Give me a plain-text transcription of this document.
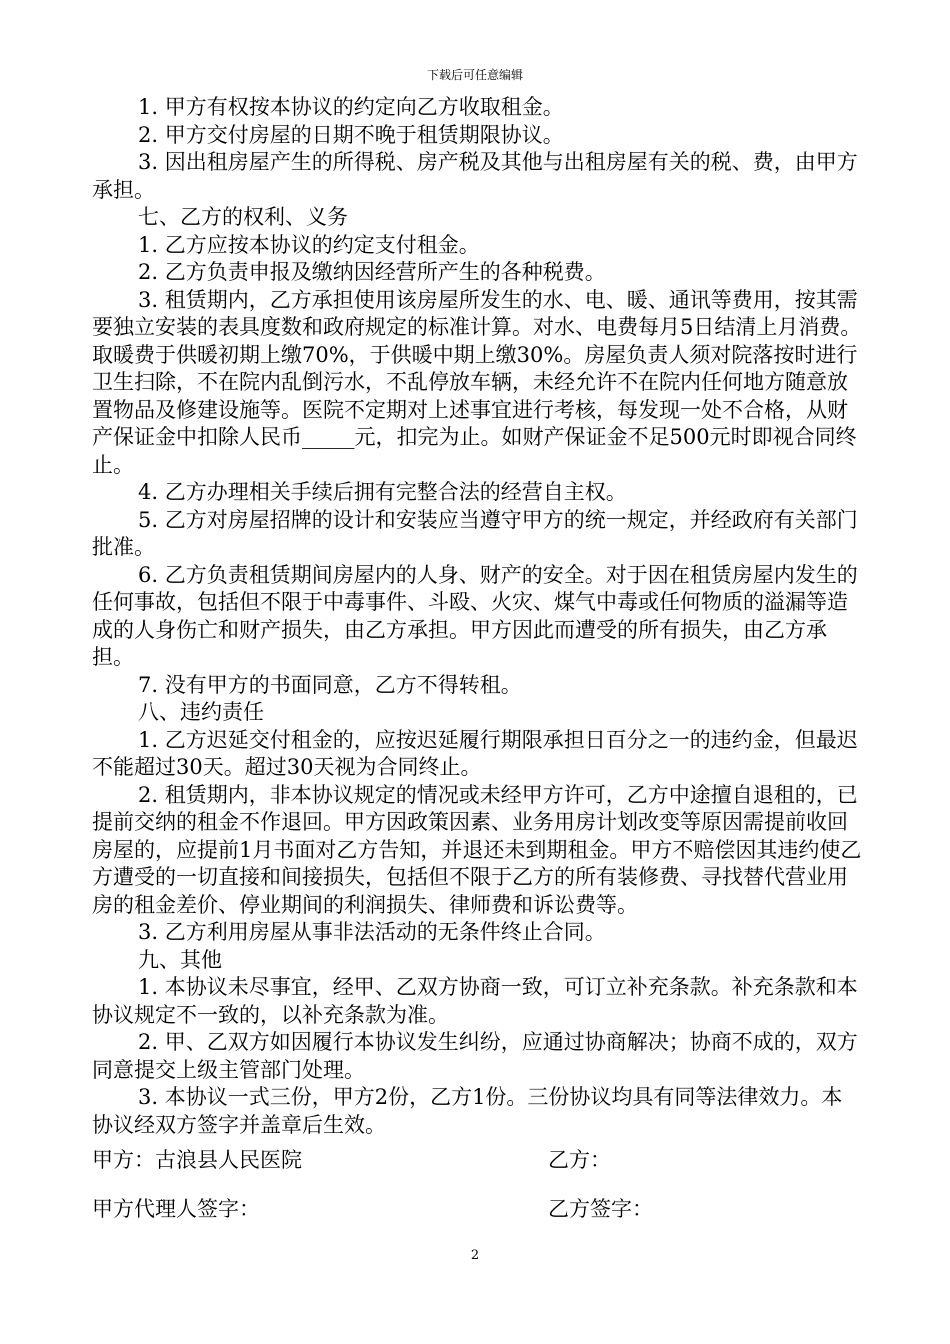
下载后可任意编辑

1. 甲方有权按本协议的约定向乙方收取租金。

2. 甲方交付房屋的日期不晚于租赁期限协议。

3. 因出租房屋产生的所得税、房产税及其他与出租房屋有关的税、费，由甲方承担。

七、乙方的权利、义务

1. 乙方应按本协议的约定支付租金。

2. 乙方负责申报及缴纳因经营所产生的各种税费。

3. 租赁期内，乙方承担使用该房屋所发生的水、电、暖、通讯等费用，按其需要独立安装的表具度数和政府规定的标准计算。对水、电费每月5日结清上月消费。取暖费于供暖初期上缴70%，于供暖中期上缴30%。房屋负责人须对院落按时进行卫生扫除，不在院内乱倒污水，不乱停放车辆，未经允许不在院内任何地方随意放置物品及修建设施等。医院不定期对上述事宜进行考核，每发现一处不合格，从财产保证金中扣除人民币_____元，扣完为止。如财产保证金不足500元时即视合同终止。

4. 乙方办理相关手续后拥有完整合法的经营自主权。

5. 乙方对房屋招牌的设计和安装应当遵守甲方的统一规定，并经政府有关部门批准。

6. 乙方负责租赁期间房屋内的人身、财产的安全。对于因在租赁房屋内发生的任何事故，包括但不限于中毒事件、斗殴、火灾、煤气中毒或任何物质的溢漏等造成的人身伤亡和财产损失，由乙方承担。甲方因此而遭受的所有损失，由乙方承担。

7. 没有甲方的书面同意，乙方不得转租。

八、违约责任

1. 乙方迟延交付租金的，应按迟延履行期限承担日百分之一的违约金，但最迟不能超过30天。超过30天视为合同终止。

2. 租赁期内，非本协议规定的情况或未经甲方许可，乙方中途擅自退租的，已提前交纳的租金不作退回。甲方因政策因素、业务用房计划改变等原因需提前收回房屋的，应提前1月书面对乙方告知，并退还未到期租金。甲方不赔偿因其违约使乙方遭受的一切直接和间接损失，包括但不限于乙方的所有装修费、寻找替代营业用房的租金差价、停业期间的利润损失、律师费和诉讼费等。

3. 乙方利用房屋从事非法活动的无条件终止合同。

九、其他

1. 本协议未尽事宜，经甲、乙双方协商一致，可订立补充条款。补充条款和本协议规定不一致的，以补充条款为准。

2. 甲、乙双方如因履行本协议发生纠纷，应通过协商解决；协商不成的，双方同意提交上级主管部门处理。

3. 本协议一式三份，甲方2份，乙方1份。三份协议均具有同等法律效力。本协议经双方签字并盖章后生效。

甲方：古浪县人民医院	乙方：
甲方代理人签字：	乙方签字：
2
